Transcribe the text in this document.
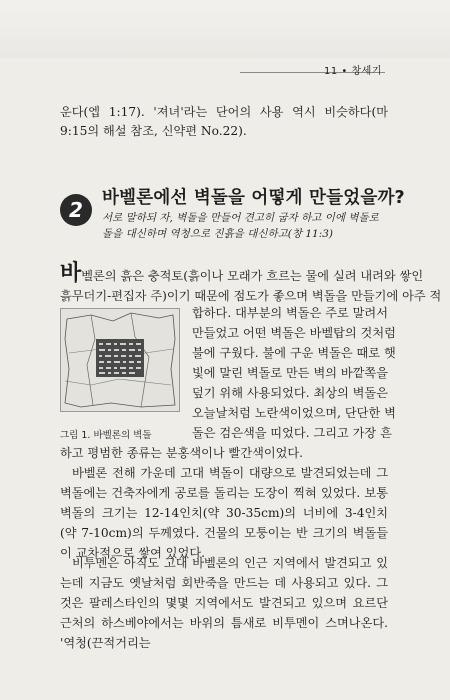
11 • 창세기
운다(엡 1:17). '져녀'라는 단어의 사용 역시 비슷하다(마 9:15의 해설 참조, 신약편 No.22).
2	바벨론에선 벽돌을 어떻게 만들었을까?
서로 말하되 자, 벽돌을 만들어 견고히 굽자 하고 이에 벽돌로 돌을 대신하며 역청으로 진흙을 대신하고(창 11:3)
바벨론의 흙은 충적토(흙이나 모래가 흐르는 물에 실려 내려와 쌓인
흙무더기-편집자 주)이기 때문에 점도가 좋으며 벽돌을 만들기에 아주 적
합하다. 대부분의 벽돌은 주로 말려서
만들었고 어떤 벽돌은 바벨탑의 것처럼
불에 구웠다. 불에 구운 벽돌은 때로 햇
빛에 말린 벽돌로 만든 벽의 바깥쪽을
덮기 위해 사용되었다. 최상의 벽돌은
오늘날처럼 노란색이었으며, 단단한 벽
그림 1. 바벨론의 벽돌	돌은 검은색을 띠었다. 그리고 가장 흔
하고 평범한 종류는 분홍색이나 빨간색이었다.
바벨론 전해 가운데 고대 벽돌이 대량으로 발견되었는데 그 벽돌에는 건축자에게 공로를 돌리는 도장이 찍혀 있었다. 보통 벽돌의 크기는 12-14인치(약 30-35cm)의 너비에 3-4인치(약 7-10cm)의 두께였다. 건물의 모퉁이는 반 크기의 벽돌들이 교차적으로 쌓여 있었다.
비투멘은 아직도 고대 바벨론의 인근 지역에서 발견되고 있는데 지금도 옛날처럼 회반죽을 만드는 데 사용되고 있다. 그것은 팔레스타인의 몇몇 지역에서도 발견되고 있으며 요르단 근처의 하스베야에서는 바위의 틈새로 비투멘이 스며나온다. '역청(끈적거리는
